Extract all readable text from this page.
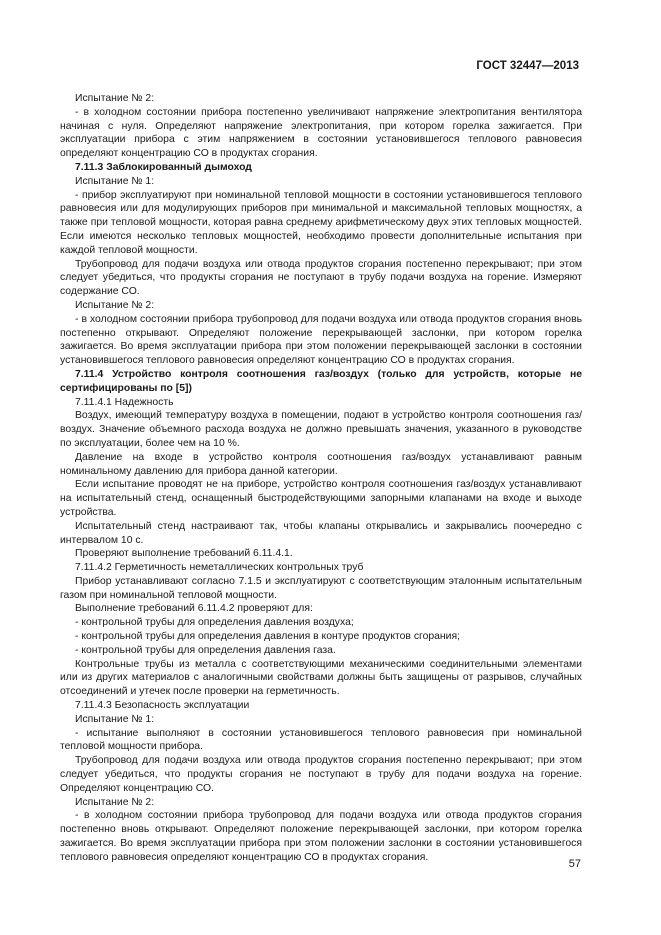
ГОСТ 32447—2013

Испытание № 2:

- в холодном состоянии прибора постепенно увеличивают напряжение электропитания вентилятора начиная с нуля. Определяют напряжение электропитания, при котором горелка зажигается. При эксплуатации прибора с этим напряжением в состоянии установившегося теплового равновесия определяют концентрацию СО в продуктах сгорания.

7.11.3 Заблокированный дымоход

Испытание № 1:

- прибор эксплуатируют при номинальной тепловой мощности в состоянии установившегося теплового равновесия или для модулирующих приборов при минимальной и максимальной тепловых мощностях, а также при тепловой мощности, которая равна среднему арифметическому двух этих тепловых мощностей. Если имеются несколько тепловых мощностей, необходимо провести дополнительные испытания при каждой тепловой мощности.

Трубопровод для подачи воздуха или отвода продуктов сгорания постепенно перекрывают; при этом следует убедиться, что продукты сгорания не поступают в трубу подачи воздуха на горение. Измеряют содержание СО.

Испытание № 2:

- в холодном состоянии прибора трубопровод для подачи воздуха или отвода продуктов сгорания вновь постепенно открывают. Определяют положение перекрывающей заслонки, при котором горелка зажигается. Во время эксплуатации прибора при этом положении перекрывающей заслонки в состоянии установившегося теплового равновесия определяют концентрацию СО в продуктах сгорания.

7.11.4 Устройство контроля соотношения газ/воздух (только для устройств, которые не сертифицированы по [5])

7.11.4.1 Надежность

Воздух, имеющий температуру воздуха в помещении, подают в устройство контроля соотношения газ/воздух. Значение объемного расхода воздуха не должно превышать значения, указанного в руководстве по эксплуатации, более чем на 10 %.

Давление на входе в устройство контроля соотношения газ/воздух устанавливают равным номинальному давлению для прибора данной категории.

Если испытание проводят не на приборе, устройство контроля соотношения газ/воздух устанавливают на испытательный стенд, оснащенный быстродействующими запорными клапанами на входе и выходе устройства.

Испытательный стенд настраивают так, чтобы клапаны открывались и закрывались поочередно с интервалом 10 с.

Проверяют выполнение требований 6.11.4.1.

7.11.4.2 Герметичность неметаллических контрольных труб

Прибор устанавливают согласно 7.1.5 и эксплуатируют с соответствующим эталонным испытательным газом при номинальной тепловой мощности.

Выполнение требований 6.11.4.2 проверяют для:

- контрольной трубы для определения давления воздуха;

- контрольной трубы для определения давления в контуре продуктов сгорания;

- контрольной трубы для определения давления газа.

Контрольные трубы из металла с соответствующими механическими соединительными элементами или из других материалов с аналогичными свойствами должны быть защищены от разрывов, случайных отсоединений и утечек после проверки на герметичность.

7.11.4.3 Безопасность эксплуатации

Испытание № 1:

- испытание выполняют в состоянии установившегося теплового равновесия при номинальной тепловой мощности прибора.

Трубопровод для подачи воздуха или отвода продуктов сгорания постепенно перекрывают; при этом следует убедиться, что продукты сгорания не поступают в трубу для подачи воздуха на горение. Определяют концентрацию СО.

Испытание № 2:

- в холодном состоянии прибора трубопровод для подачи воздуха или отвода продуктов сгорания постепенно вновь открывают. Определяют положение перекрывающей заслонки, при котором горелка зажигается. Во время эксплуатации прибора при этом положении заслонки в состоянии установившегося теплового равновесия определяют концентрацию СО в продуктах сгорания.

57
